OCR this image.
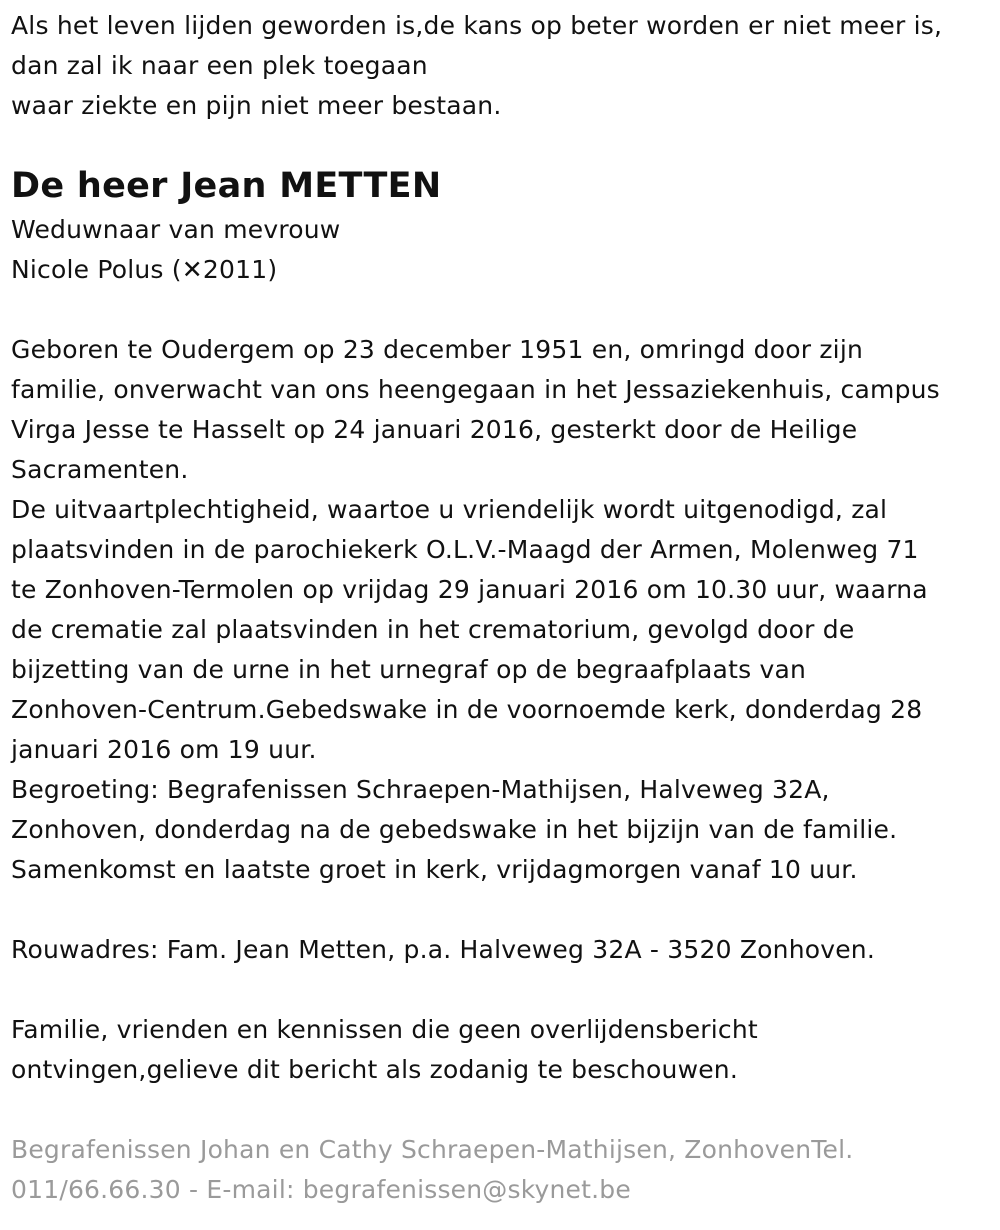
Als het leven lijden geworden is,de kans op beter worden er niet meer is,
dan zal ik naar een plek toegaan
waar ziekte en pijn niet meer bestaan.
De heer Jean METTEN
Weduwnaar van mevrouw
Nicole Polus (✕2011)
Geboren te Oudergem op 23 december 1951 en, omringd door zijn
familie, onverwacht van ons heengegaan in het Jessaziekenhuis, campus
Virga Jesse te Hasselt op 24 januari 2016, gesterkt door de Heilige
Sacramenten.
De uitvaartplechtigheid, waartoe u vriendelijk wordt uitgenodigd, zal
plaatsvinden in de parochiekerk O.L.V.-Maagd der Armen, Molenweg 71
te Zonhoven-Termolen op vrijdag 29 januari 2016 om 10.30 uur, waarna
de crematie zal plaatsvinden in het crematorium, gevolgd door de
bijzetting van de urne in het urnegraf op de begraafplaats van
Zonhoven-Centrum.Gebedswake in de voornoemde kerk, donderdag 28
januari 2016 om 19 uur.
Begroeting: Begrafenissen Schraepen-Mathijsen, Halveweg 32A,
Zonhoven, donderdag na de gebedswake in het bijzijn van de familie.
Samenkomst en laatste groet in kerk, vrijdagmorgen vanaf 10 uur.
Rouwadres: Fam. Jean Metten, p.a. Halveweg 32A - 3520 Zonhoven.
Familie, vrienden en kennissen die geen overlijdensbericht
ontvingen,gelieve dit bericht als zodanig te beschouwen.
Begrafenissen Johan en Cathy Schraepen-Mathijsen, ZonhovenTel.
011/66.66.30 - E-mail: begrafenissen@skynet.be
